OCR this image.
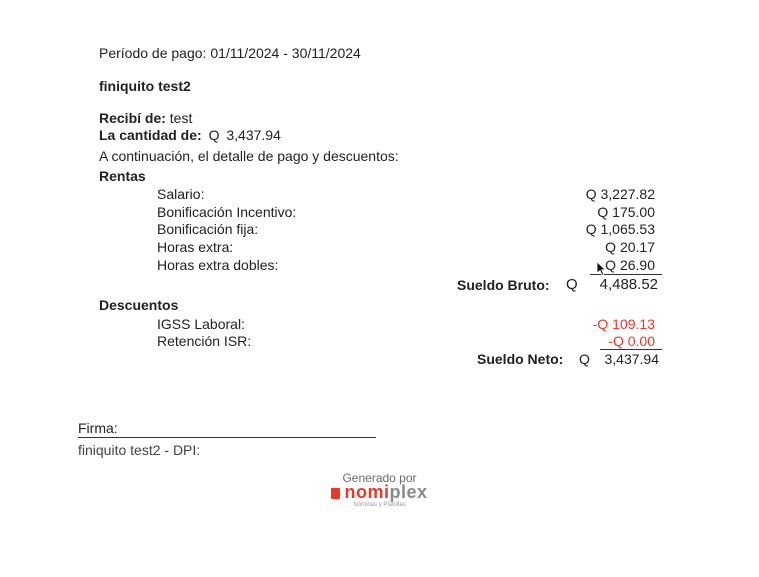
Período de pago: 01/11/2024 - 30/11/2024
finiquito test2
Recibí de: test
La cantidad de: Q 3,437.94
A continuación, el detalle de pago y descuentos:
Rentas
Salario:	Q 3,227.82
Bonificación Incentivo:	Q 175.00
Bonificación fija:	Q 1,065.53
Horas extra:	Q 20.17
Horas extra dobles:	Q 26.90
Sueldo Bruto: Q	4,488.52
Descuentos
IGSS Laboral:	-Q 109.13
Retención ISR:	-Q 0.00
Sueldo Neto: Q	3,437.94
Firma:
finiquito test2 - DPI:
Generado por
nomiplex
Nóminas y Planillas
